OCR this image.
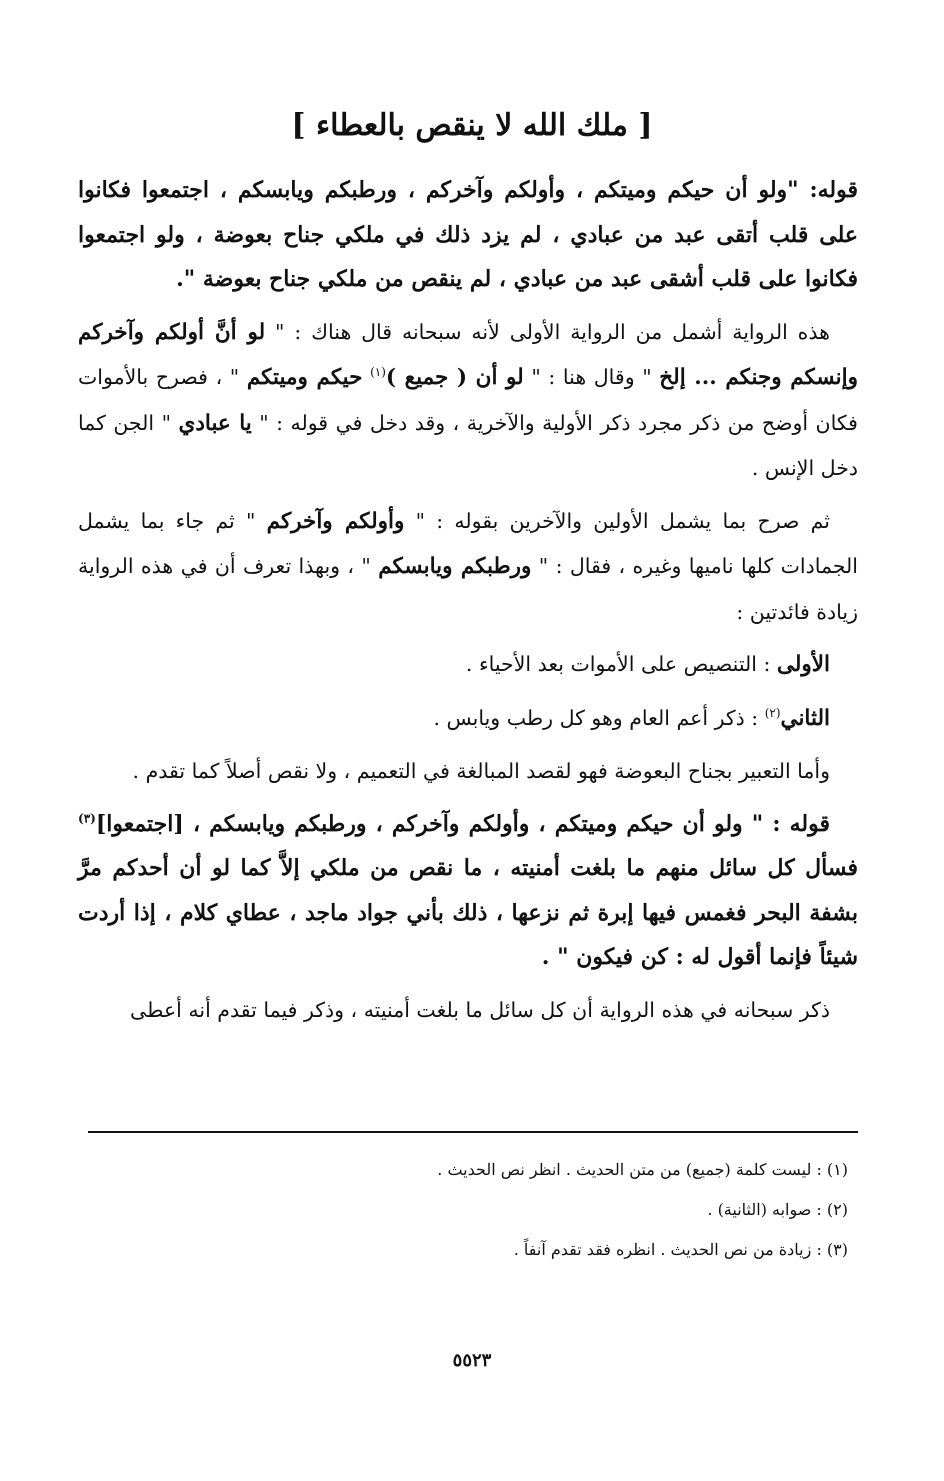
[ ملك الله لا ينقص بالعطاء ]

قوله: "ولو أن حيكم وميتكم ، وأولكم وآخركم ، ورطبكم ويابسكم ، اجتمعوا فكانوا على قلب أتقى عبد من عبادي ، لم يزد ذلك في ملكي جناح بعوضة ، ولو اجتمعوا فكانوا على قلب أشقى عبد من عبادي ، لم ينقص من ملكي جناح بعوضة ".

هذه الرواية أشمل من الرواية الأولى لأنه سبحانه قال هناك : " لو أنَّ أولكم وآخركم وإنسكم وجنكم ... إلخ " وقال هنا : " لو أن ( جميع )$^{(١)}$ حيكم وميتكم " ، فصرح بالأموات فكان أوضح من ذكر مجرد ذكر الأولية والآخرية ، وقد دخل في قوله : " يا عبادي " الجن كما دخل الإنس .

ثم صرح بما يشمل الأولين والآخرين بقوله : " وأولكم وآخركم " ثم جاء بما يشمل الجمادات كلها ناميها وغيره ، فقال : " ورطبكم ويابسكم " ، وبهذا تعرف أن في هذه الرواية زيادة فائدتين :

الأولى : التنصيص على الأموات بعد الأحياء .

الثاني$^{(٢)}$ : ذكر أعم العام وهو كل رطب ويابس .

وأما التعبير بجناح البعوضة فهو لقصد المبالغة في التعميم ، ولا نقص أصلاً كما تقدم .

قوله : " ولو أن حيكم وميتكم ، وأولكم وآخركم ، ورطبكم ويابسكم ، [اجتمعوا]$^{(٣)}$ فسأل كل سائل منهم ما بلغت أمنيته ، ما نقص من ملكي إلاَّ كما لو أن أحدكم مرَّ بشفة البحر فغمس فيها إبرة ثم نزعها ، ذلك بأني جواد ماجد ، عطاي كلام ، إذا أردت شيئاً فإنما أقول له : كن فيكون " .

ذكر سبحانه في هذه الرواية أن كل سائل ما بلغت أمنيته ، وذكر فيما تقدم أنه أعطى

(١) : ليست كلمة (جميع) من متن الحديث . انظر نص الحديث .

(٢) : صوابه (الثانية) .

(٣) : زيادة من نص الحديث . انظره فقد تقدم آنفاً .

٥٥٢٣
